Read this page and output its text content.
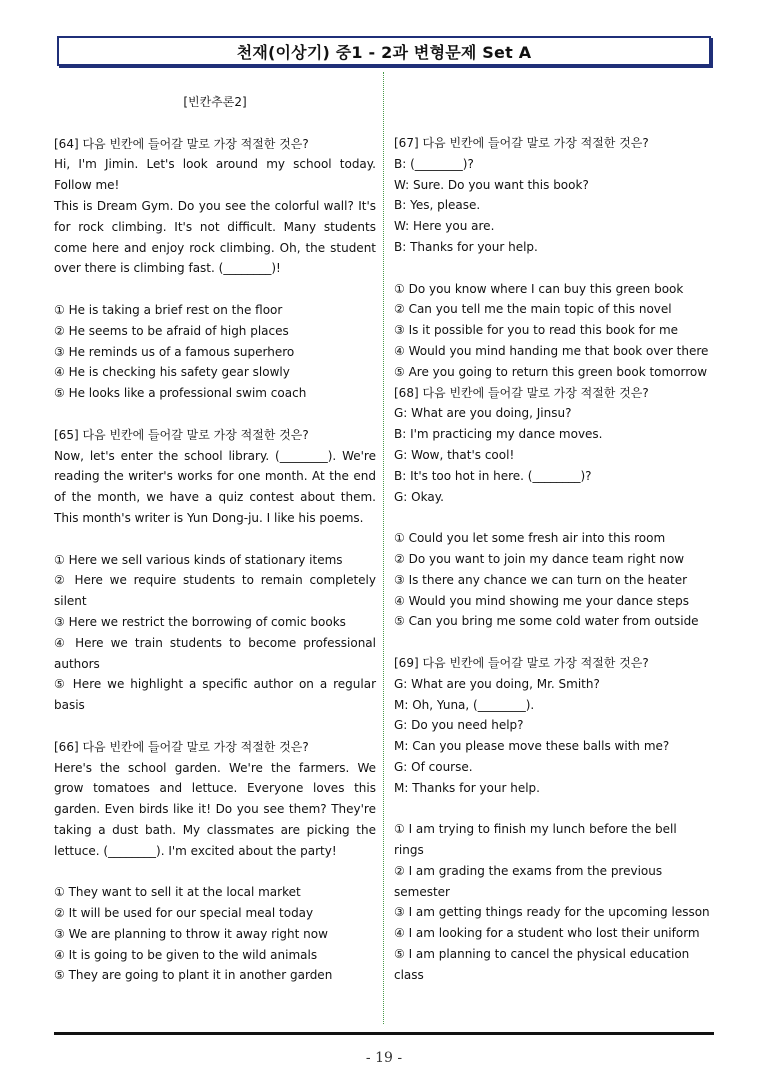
천재(이상기) 중1 - 2과 변형문제 Set A

[빈칸추론2]

[64] 다음 빈칸에 들어갈 말로 가장 적절한 것은?

Hi, I'm Jimin. Let's look around my school today. Follow me!

This is Dream Gym. Do you see the colorful wall? It's for rock climbing. It's not difficult. Many students come here and enjoy rock climbing. Oh, the student over there is climbing fast. (________)!

① He is taking a brief rest on the floor

② He seems to be afraid of high places

③ He reminds us of a famous superhero

④ He is checking his safety gear slowly

⑤ He looks like a professional swim coach

[65] 다음 빈칸에 들어갈 말로 가장 적절한 것은?

Now, let's enter the school library. (________). We're reading the writer's works for one month. At the end of the month, we have a quiz contest about them. This month's writer is Yun Dong-ju. I like his poems.

① Here we sell various kinds of stationary items

② Here we require students to remain completely silent

③ Here we restrict the borrowing of comic books

④ Here we train students to become professional authors

⑤ Here we highlight a specific author on a regular basis

[66] 다음 빈칸에 들어갈 말로 가장 적절한 것은?

Here's the school garden. We're the farmers. We grow tomatoes and lettuce. Everyone loves this garden. Even birds like it! Do you see them? They're taking a dust bath. My classmates are picking the lettuce. (________). I'm excited about the party!

① They want to sell it at the local market

② It will be used for our special meal today

③ We are planning to throw it away right now

④ It is going to be given to the wild animals

⑤ They are going to plant it in another garden

[67] 다음 빈칸에 들어갈 말로 가장 적절한 것은?

B: (________)?

W: Sure. Do you want this book?

B: Yes, please.

W: Here you are.

B: Thanks for your help.

① Do you know where I can buy this green book

② Can you tell me the main topic of this novel

③ Is it possible for you to read this book for me

④ Would you mind handing me that book over there

⑤ Are you going to return this green book tomorrow

[68] 다음 빈칸에 들어갈 말로 가장 적절한 것은?

G: What are you doing, Jinsu?

B: I'm practicing my dance moves.

G: Wow, that's cool!

B: It's too hot in here. (________)?

G: Okay.

① Could you let some fresh air into this room

② Do you want to join my dance team right now

③ Is there any chance we can turn on the heater

④ Would you mind showing me your dance steps

⑤ Can you bring me some cold water from outside

[69] 다음 빈칸에 들어갈 말로 가장 적절한 것은?

G: What are you doing, Mr. Smith?

M: Oh, Yuna, (________).

G: Do you need help?

M: Can you please move these balls with me?

G: Of course.

M: Thanks for your help.

① I am trying to finish my lunch before the bell rings

② I am grading the exams from the previous semester

③ I am getting things ready for the upcoming lesson

④ I am looking for a student who lost their uniform

⑤ I am planning to cancel the physical education class

- 19 -
